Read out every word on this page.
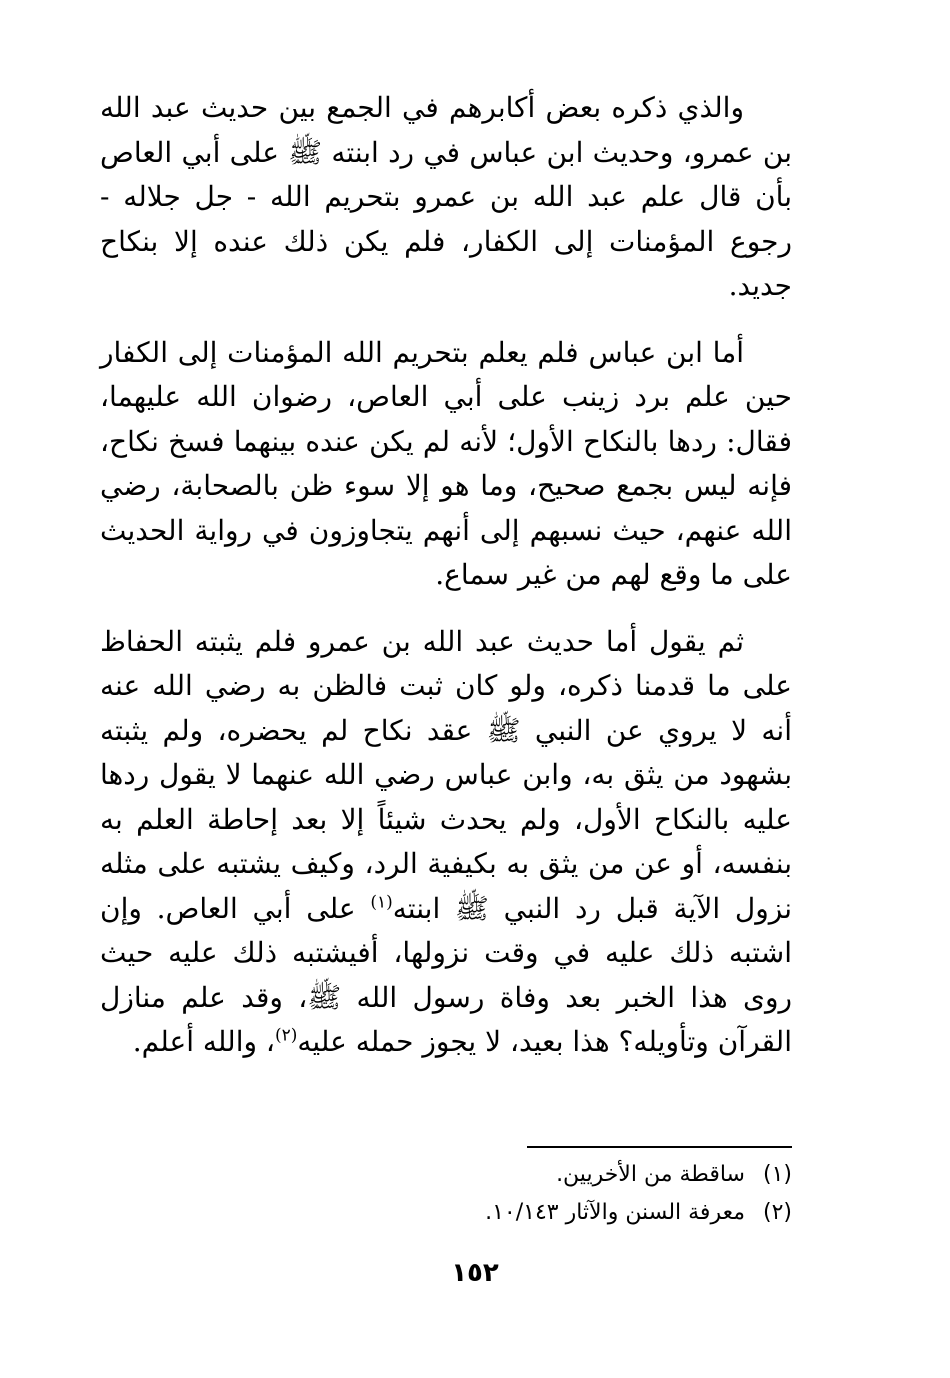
والذي ذكره بعض أكابرهم في الجمع بين حديث عبد الله بن عمرو، وحديث ابن عباس في رد ابنته ﷺ على أبي العاص بأن قال علم عبد الله بن عمرو بتحريم الله - جل جلاله - رجوع المؤمنات إلى الكفار، فلم يكن ذلك عنده إلا بنكاح جديد.

أما ابن عباس فلم يعلم بتحريم الله المؤمنات إلى الكفار حين علم برد زينب على أبي العاص، رضوان الله عليهما، فقال: ردها بالنكاح الأول؛ لأنه لم يكن عنده بينهما فسخ نكاح، فإنه ليس بجمع صحيح، وما هو إلا سوء ظن بالصحابة، رضي الله عنهم، حيث نسبهم إلى أنهم يتجاوزون في رواية الحديث على ما وقع لهم من غير سماع.

ثم يقول أما حديث عبد الله بن عمرو فلم يثبته الحفاظ على ما قدمنا ذكره، ولو كان ثبت فالظن به رضي الله عنه أنه لا يروي عن النبي ﷺ عقد نكاح لم يحضره، ولم يثبته بشهود من يثق به، وابن عباس رضي الله عنهما لا يقول ردها عليه بالنكاح الأول، ولم يحدث شيئاً إلا بعد إحاطة العلم به بنفسه، أو عن من يثق به بكيفية الرد، وكيف يشتبه على مثله نزول الآية قبل رد النبي ﷺ ابنته$^{(١)}$ على أبي العاص. وإن اشتبه ذلك عليه في وقت نزولها، أفيشتبه ذلك عليه حيث روى هذا الخبر بعد وفاة رسول الله ﷺ، وقد علم منازل القرآن وتأويله؟ هذا بعيد، لا يجوز حمله عليه$^{(٢)}$، والله أعلم.

(١)ساقطة من الأخريين.
(٢)معرفة السنن والآثار ١٠/١٤٣.
١٥٢
